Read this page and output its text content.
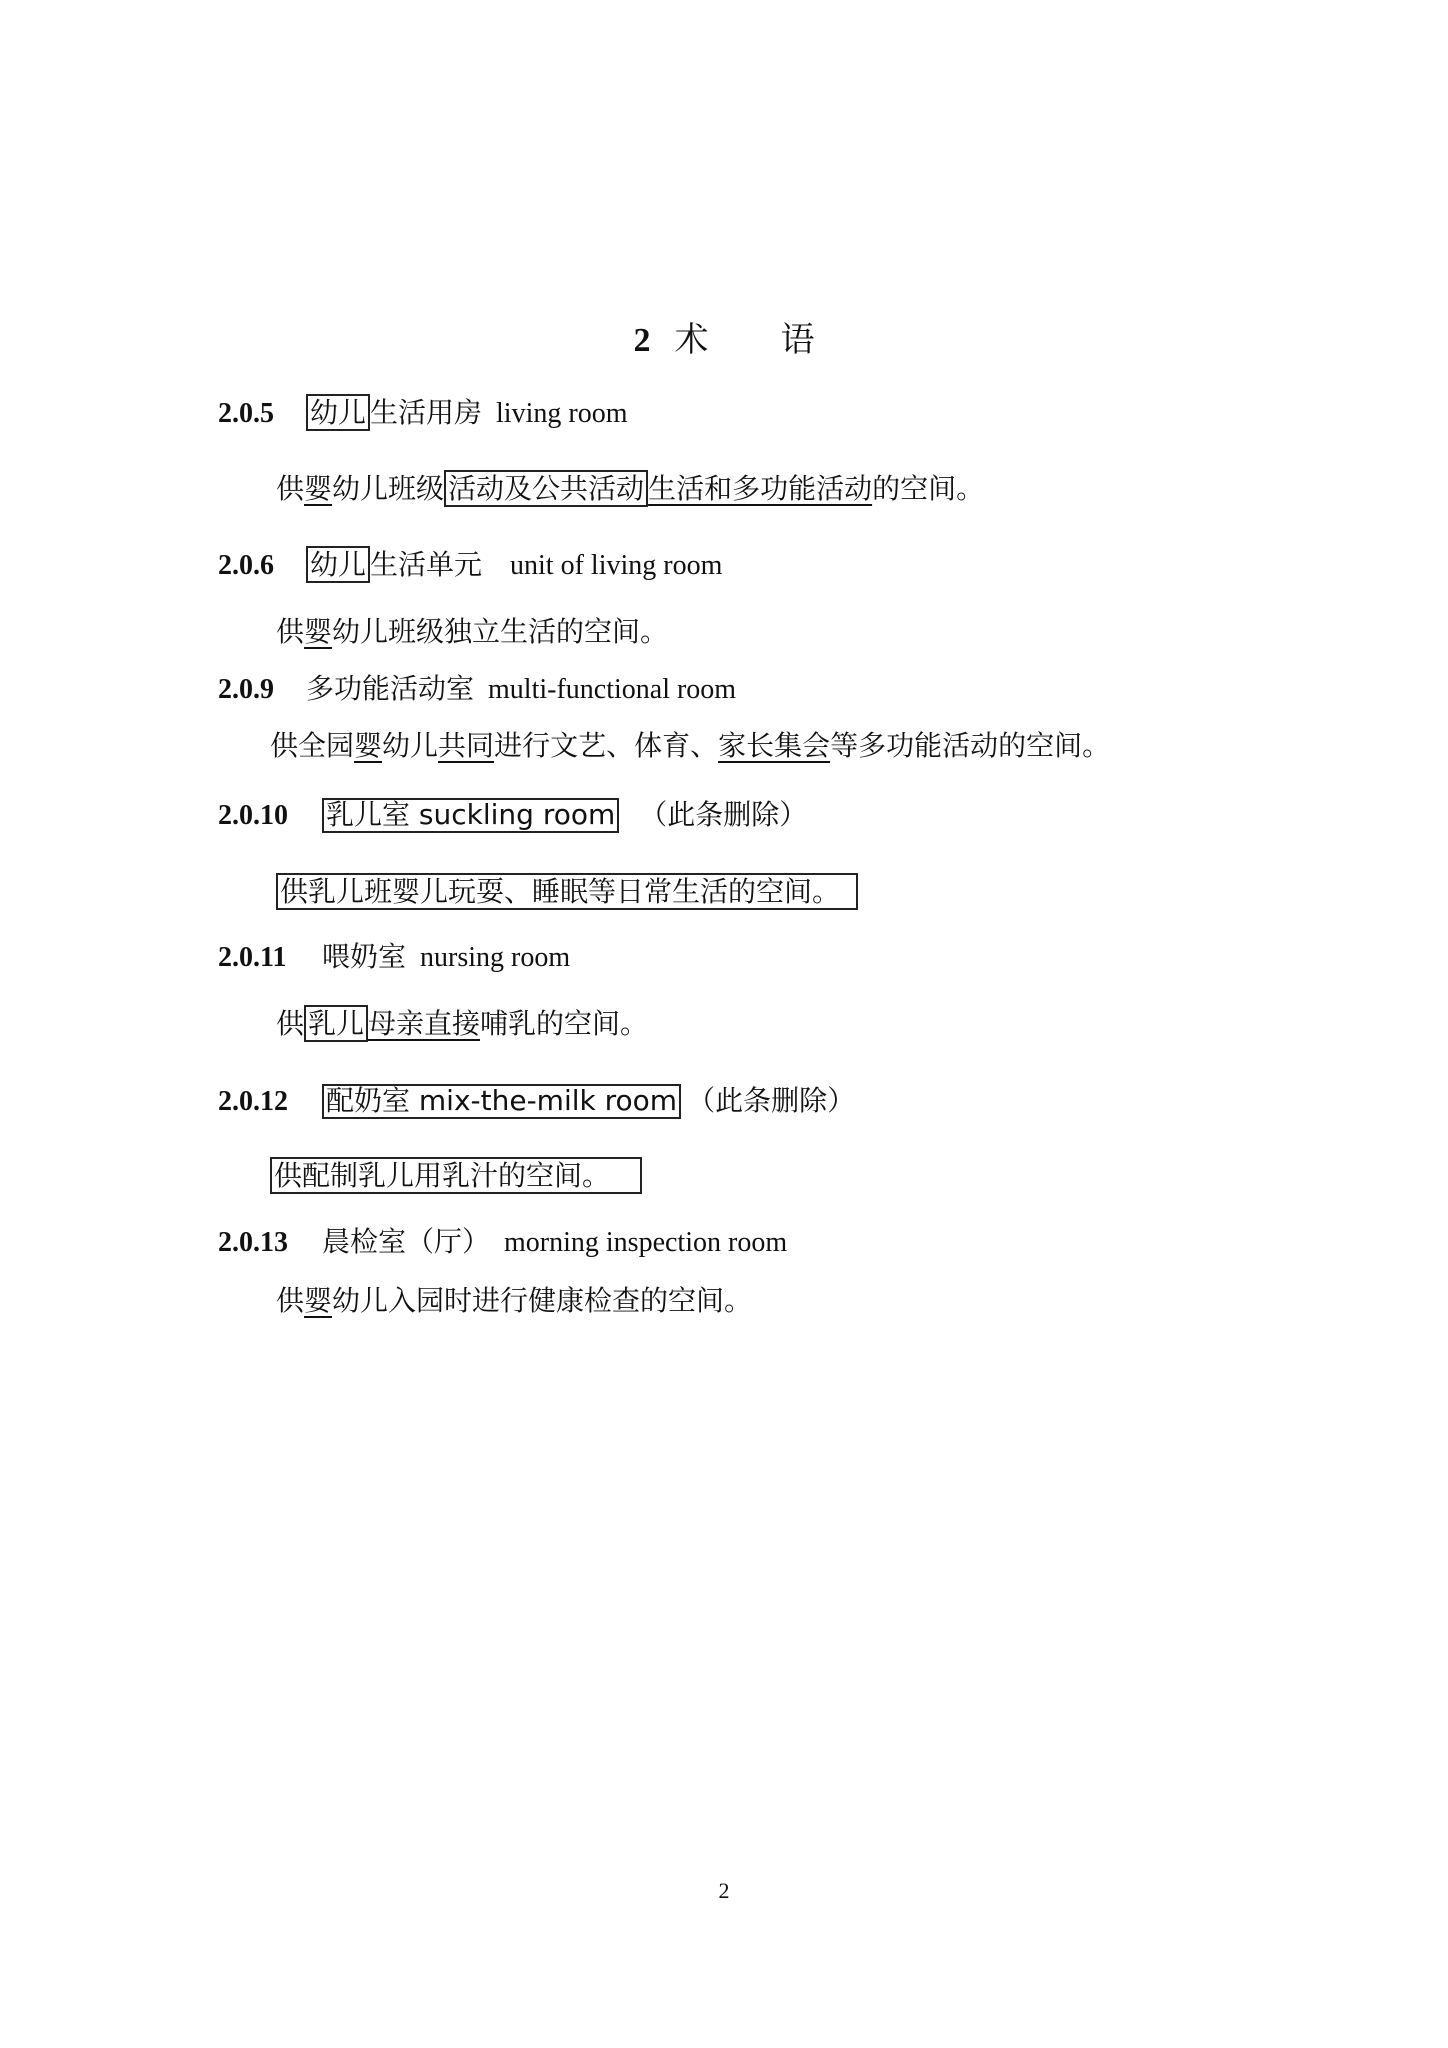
2 术 语
2.0.5 幼儿 生活用房 living room
供婴幼儿班级 活动及公共活动 生活和多功能活动的空间。
2.0.6 幼儿 生活单元 unit of living room
供婴幼儿班级独立生活的空间。
2.0.9 多功能活动室 multi-functional room
供全园婴幼儿共同进行文艺、体育、家长集会等多功能活动的空间。
2.0.10 乳儿室 suckling room （此条删除）
供乳儿班婴儿玩耍、睡眠等日常生活的空间。
2.0.11 喂奶室 nursing room
供 乳儿 母亲直接哺乳的空间。
2.0.12 配奶室 mix-the-milk room （此条删除）
供配制乳儿用乳汁的空间。
2.0.13 晨检室（厅） morning inspection room
供婴幼儿入园时进行健康检查的空间。
2
